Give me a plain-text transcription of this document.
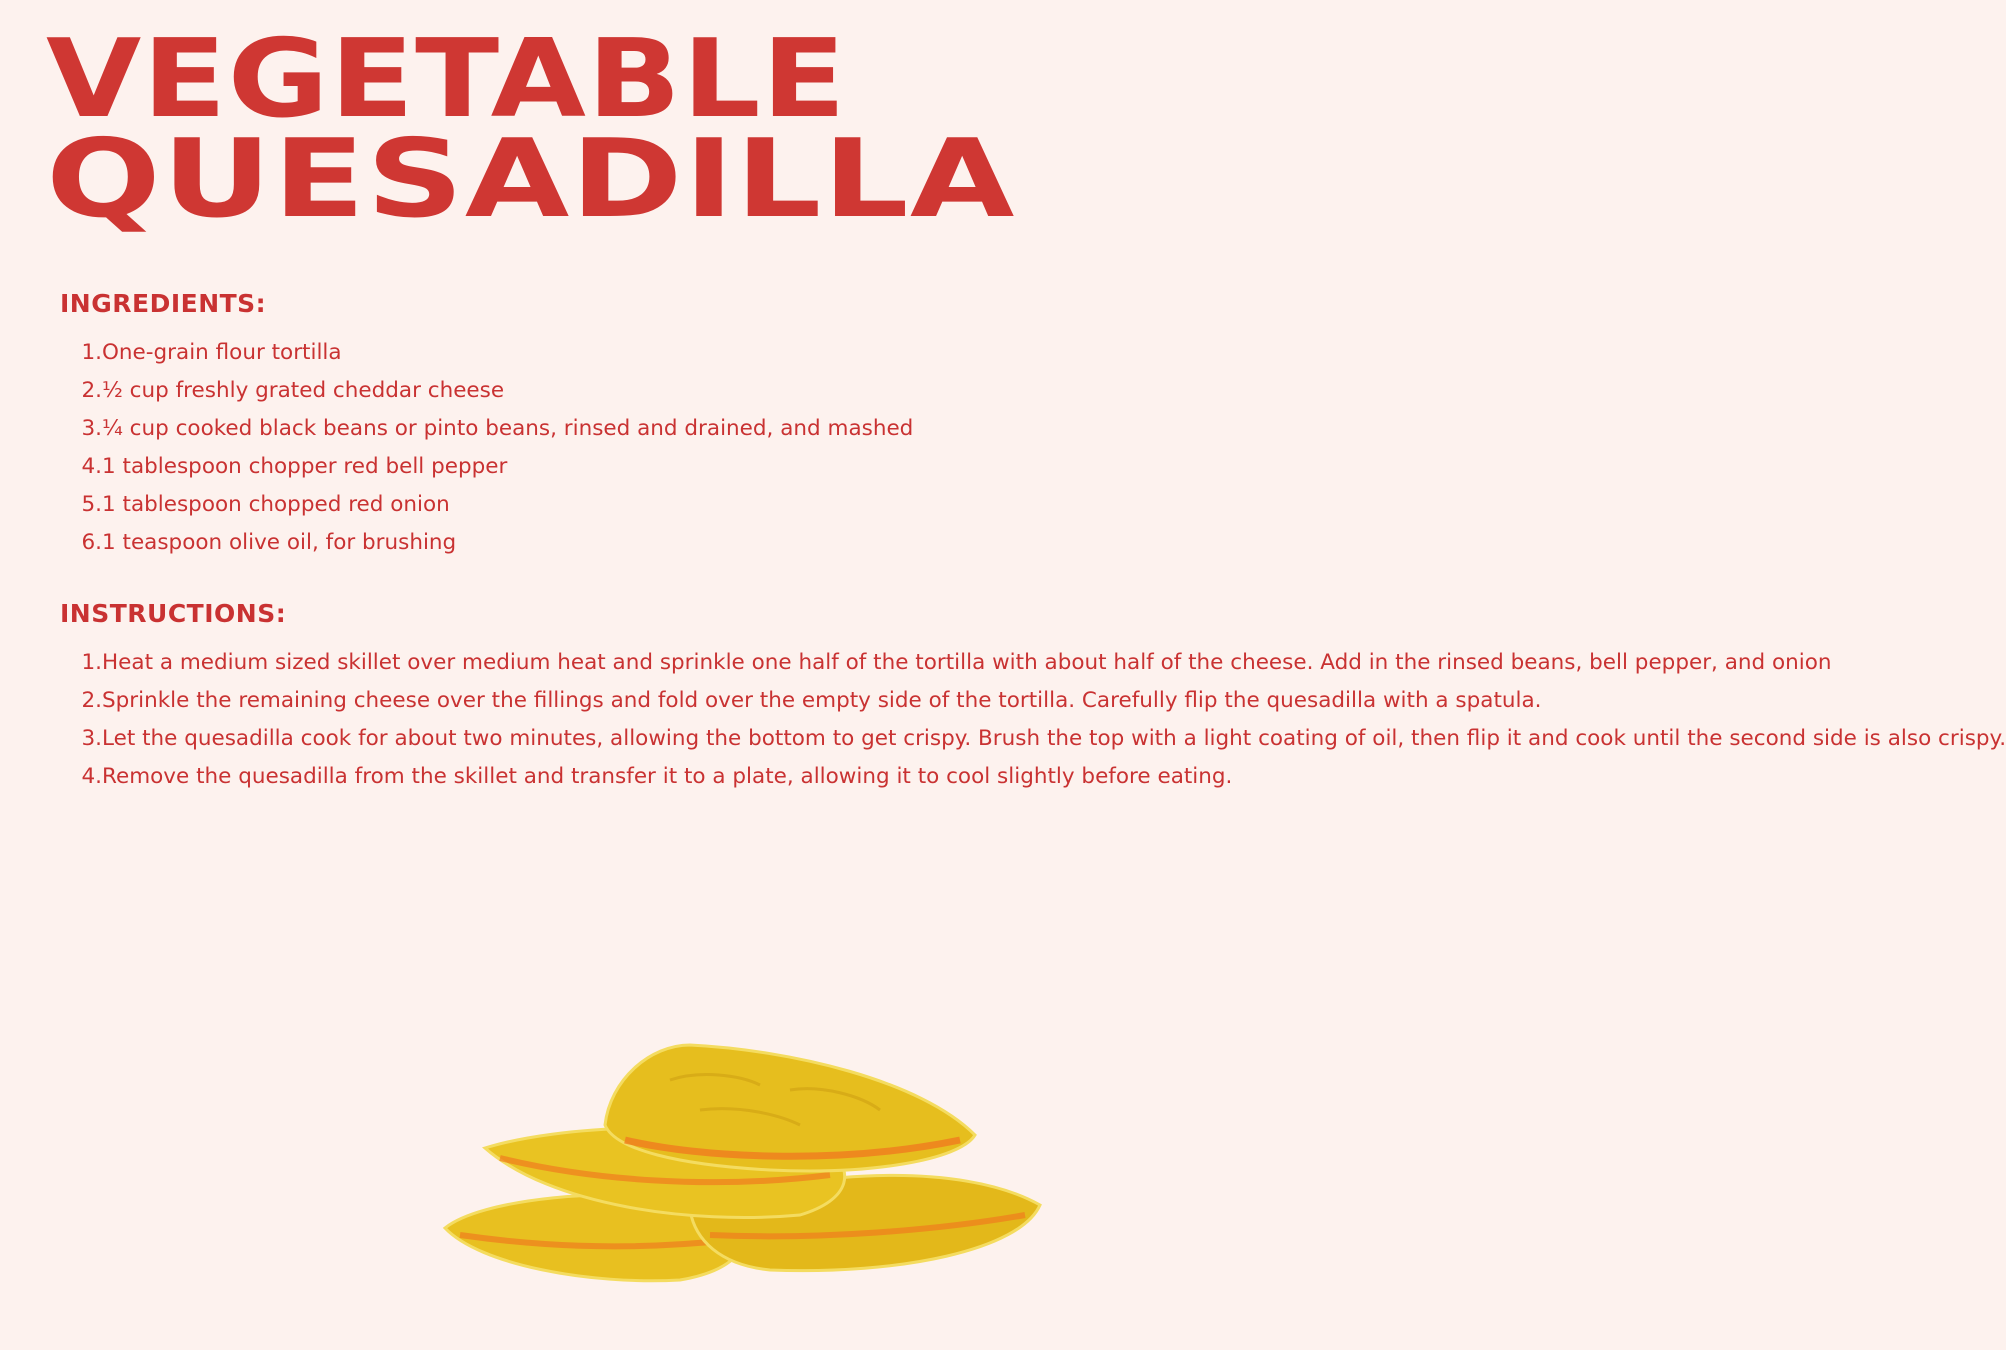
VEGETABLE
QUESADILLA
INGREDIENTS:
1. One-grain flour tortilla
2. ½ cup freshly grated cheddar cheese
3. ¼ cup cooked black beans or pinto beans, rinsed and drained, and mashed
4. 1 tablespoon chopper red bell pepper
5. 1 tablespoon chopped red onion
6. 1 teaspoon olive oil, for brushing
INSTRUCTIONS:
1. Heat a medium sized skillet over medium heat and sprinkle one half of the tortilla with about half of the cheese. Add in the rinsed beans, bell pepper, and onion
2. Sprinkle the remaining cheese over the fillings and fold over the empty side of the tortilla. Carefully flip the quesadilla with a spatula.
3. Let the quesadilla cook for about two minutes, allowing the bottom to get crispy. Brush the top with a light coating of oil, then flip it and cook until the second side is also crispy.
4. Remove the quesadilla from the skillet and transfer it to a plate, allowing it to cool slightly before eating.
